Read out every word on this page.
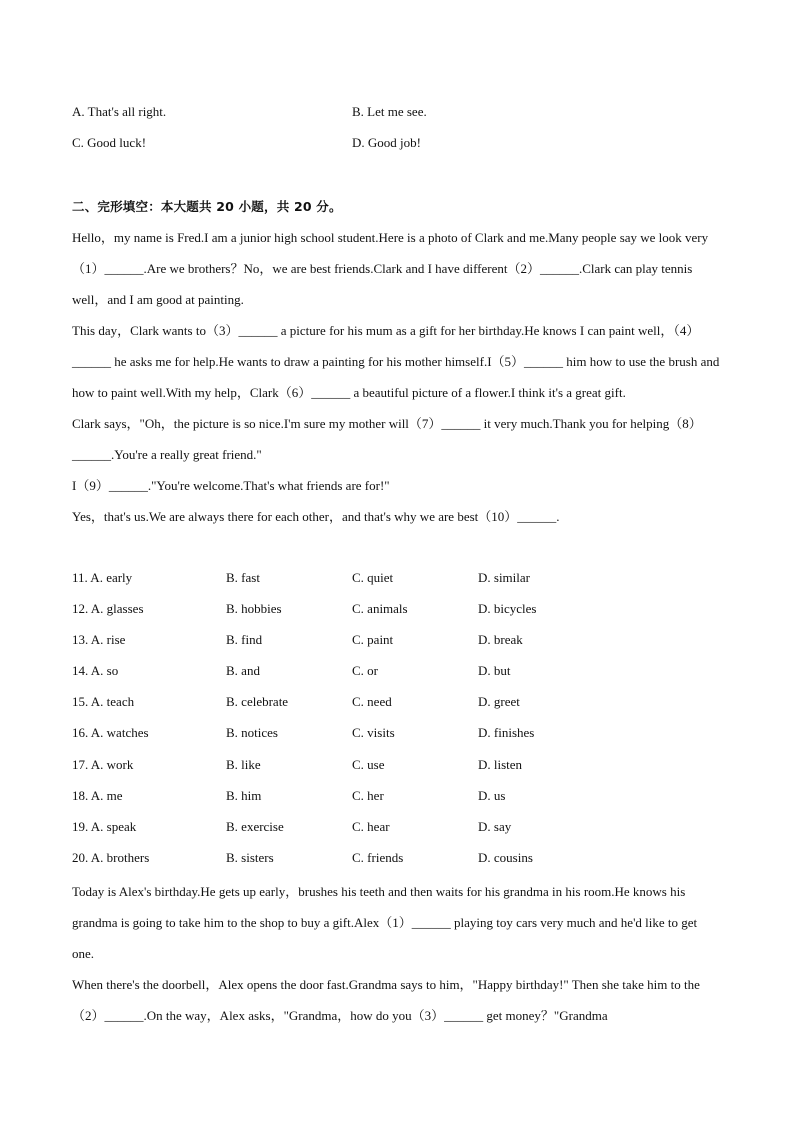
A. That's all right.	B. Let me see.
C. Good luck!	D. Good job!
二、完形填空：本大题共 20 小题，共 20 分。

Hello，my name is Fred.I am a junior high school student.Here is a photo of Clark and me.Many people say we look very（1）______.Are we brothers？No，we are best friends.Clark and I have different（2）______.Clark can play tennis well，and I am good at painting.

This day，Clark wants to（3）______ a picture for his mum as a gift for her birthday.He knows I can paint well，（4）______ he asks me for help.He wants to draw a painting for his mother himself.I（5）______ him how to use the brush and how to paint well.With my help，Clark（6）______ a beautiful picture of a flower.I think it's a great gift.

Clark says，"Oh，the picture is so nice.I'm sure my mother will（7）______ it very much.Thank you for helping（8）______.You're a really great friend."

I（9）______."You're welcome.That's what friends are for!"

Yes，that's us.We are always there for each other，and that's why we are best（10）______.

11. A. early	B. fast	C. quiet	D. similar
12. A. glasses	B. hobbies	C. animals	D. bicycles
13. A. rise	B. find	C. paint	D. break
14. A. so	B. and	C. or	D. but
15. A. teach	B. celebrate	C. need	D. greet
16. A. watches	B. notices	C. visits	D. finishes
17. A. work	B. like	C. use	D. listen
18. A. me	B. him	C. her	D. us
19. A. speak	B. exercise	C. hear	D. say
20. A. brothers	B. sisters	C. friends	D. cousins

Today is Alex's birthday.He gets up early，brushes his teeth and then waits for his grandma in his room.He knows his grandma is going to take him to the shop to buy a gift.Alex（1）______ playing toy cars very much and he'd like to get one.

When there's the doorbell，Alex opens the door fast.Grandma says to him，"Happy birthday!" Then she take him to the（2）______.On the way，Alex asks，"Grandma，how do you（3）______ get money？"Grandma
